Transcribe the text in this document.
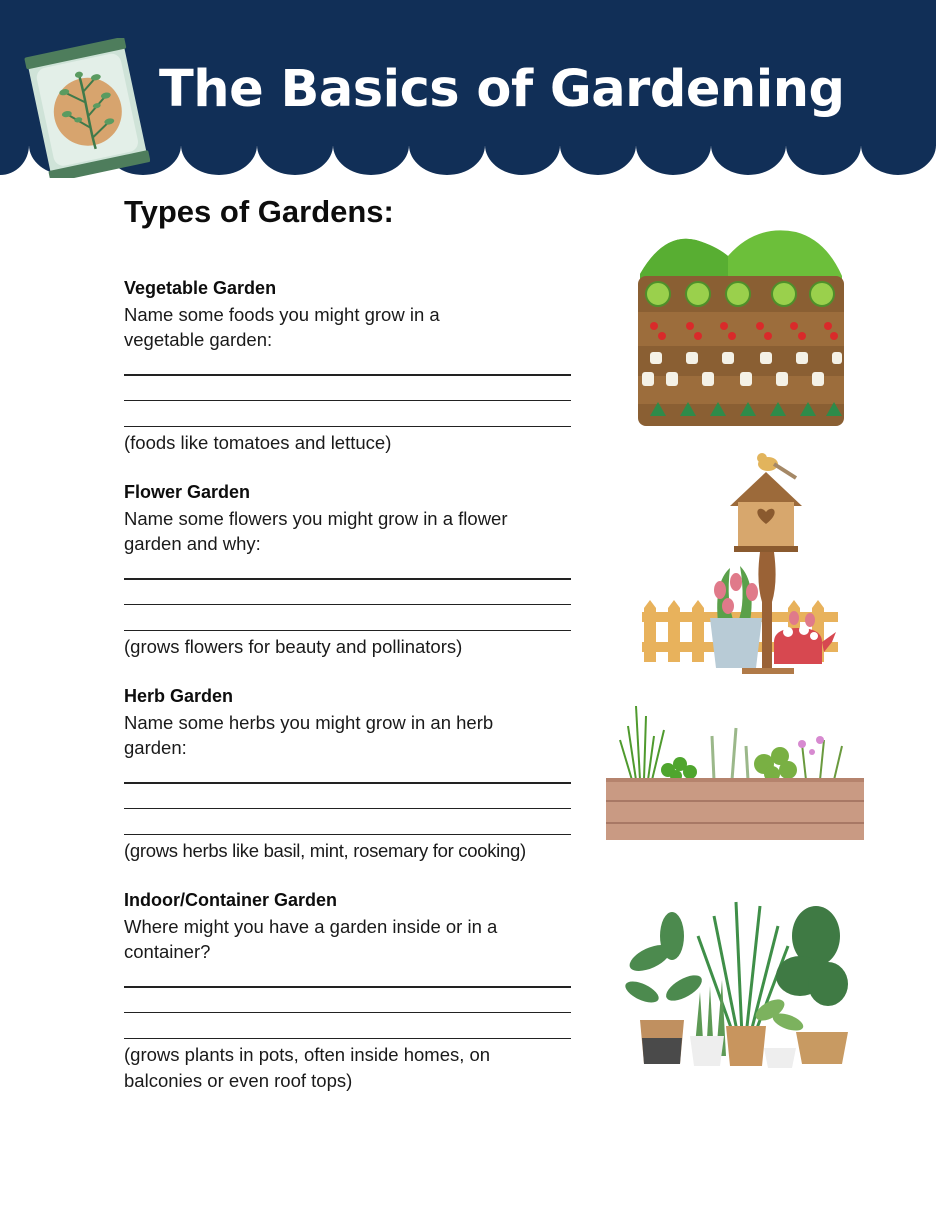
The Basics of Gardening
Types of Gardens:
Vegetable Garden

Name some foods you might grow in a vegetable garden:

(foods like tomatoes and lettuce)

Flower Garden

Name some flowers you might grow in a flower garden and why:

(grows flowers for beauty and pollinators)

Herb Garden

Name some herbs you might grow in an herb garden:

(grows herbs like basil, mint, rosemary for cooking)

Indoor/Container Garden

Where might you have a garden inside or in a container?

(grows plants in pots, often inside homes, on balconies or even roof tops)
